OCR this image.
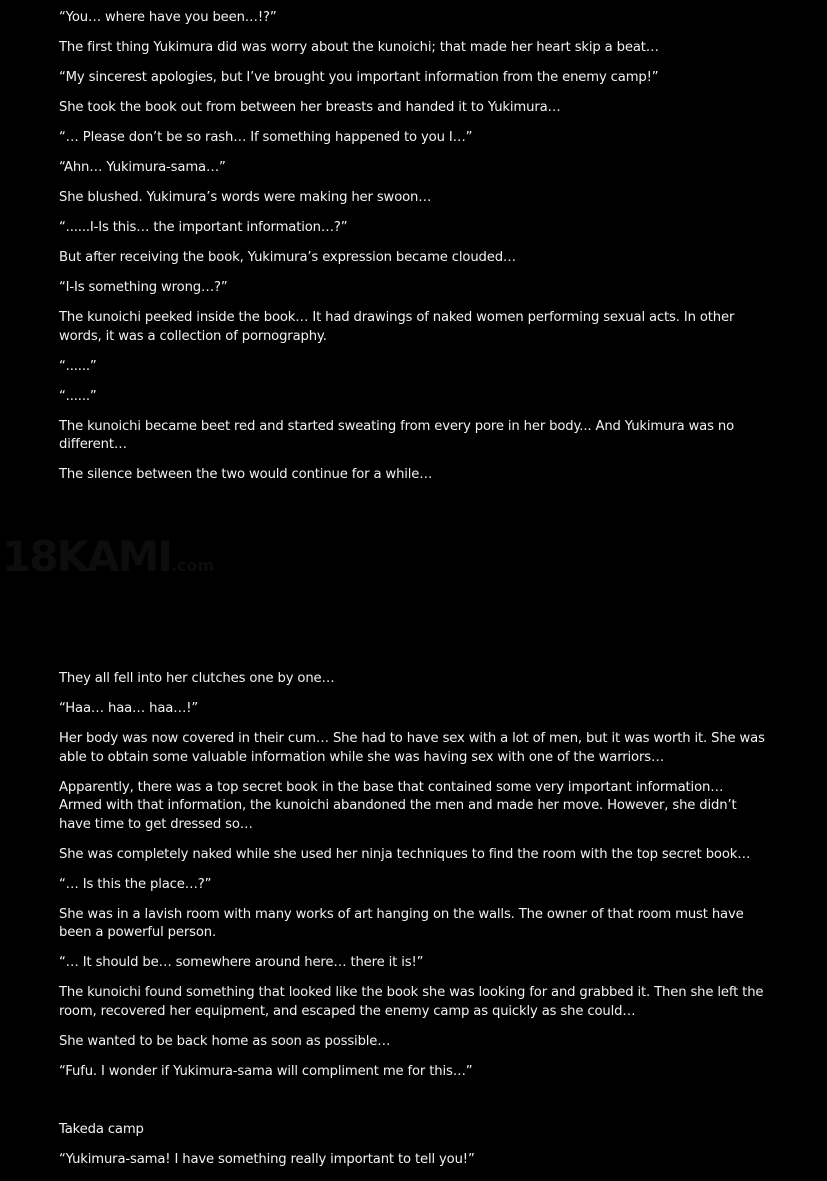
“You… where have you been…!?”

The first thing Yukimura did was worry about the kunoichi; that made her heart skip a beat…

“My sincerest apologies, but I’ve brought you important information from the enemy camp!”

She took the book out from between her breasts and handed it to Yukimura…

“… Please don’t be so rash… If something happened to you I…”

“Ahn… Yukimura-sama…”

She blushed. Yukimura’s words were making her swoon…

“......I-Is this… the important information…?”

But after receiving the book, Yukimura’s expression became clouded…

“I-Is something wrong…?”

The kunoichi peeked inside the book… It had drawings of naked women performing sexual acts. In other words, it was a collection of pornography.

“......”

“......”

The kunoichi became beet red and started sweating from every pore in her body... And Yukimura was no different…

The silence between the two would continue for a while…

18KAMI.com

They all fell into her clutches one by one…

“Haa… haa… haa…!”

Her body was now covered in their cum… She had to have sex with a lot of men, but it was worth it. She was able to obtain some valuable information while she was having sex with one of the warriors…

Apparently, there was a top secret book in the base that contained some very important information… Armed with that information, the kunoichi abandoned the men and made her move. However, she didn’t have time to get dressed so…

She was completely naked while she used her ninja techniques to find the room with the top secret book…

“… Is this the place…?”

She was in a lavish room with many works of art hanging on the walls. The owner of that room must have been a powerful person.

“… It should be… somewhere around here… there it is!”

The kunoichi found something that looked like the book she was looking for and grabbed it. Then she left the room, recovered her equipment, and escaped the enemy camp as quickly as she could…

She wanted to be back home as soon as possible…

“Fufu. I wonder if Yukimura-sama will compliment me for this…”

Takeda camp

“Yukimura-sama! I have something really important to tell you!”
